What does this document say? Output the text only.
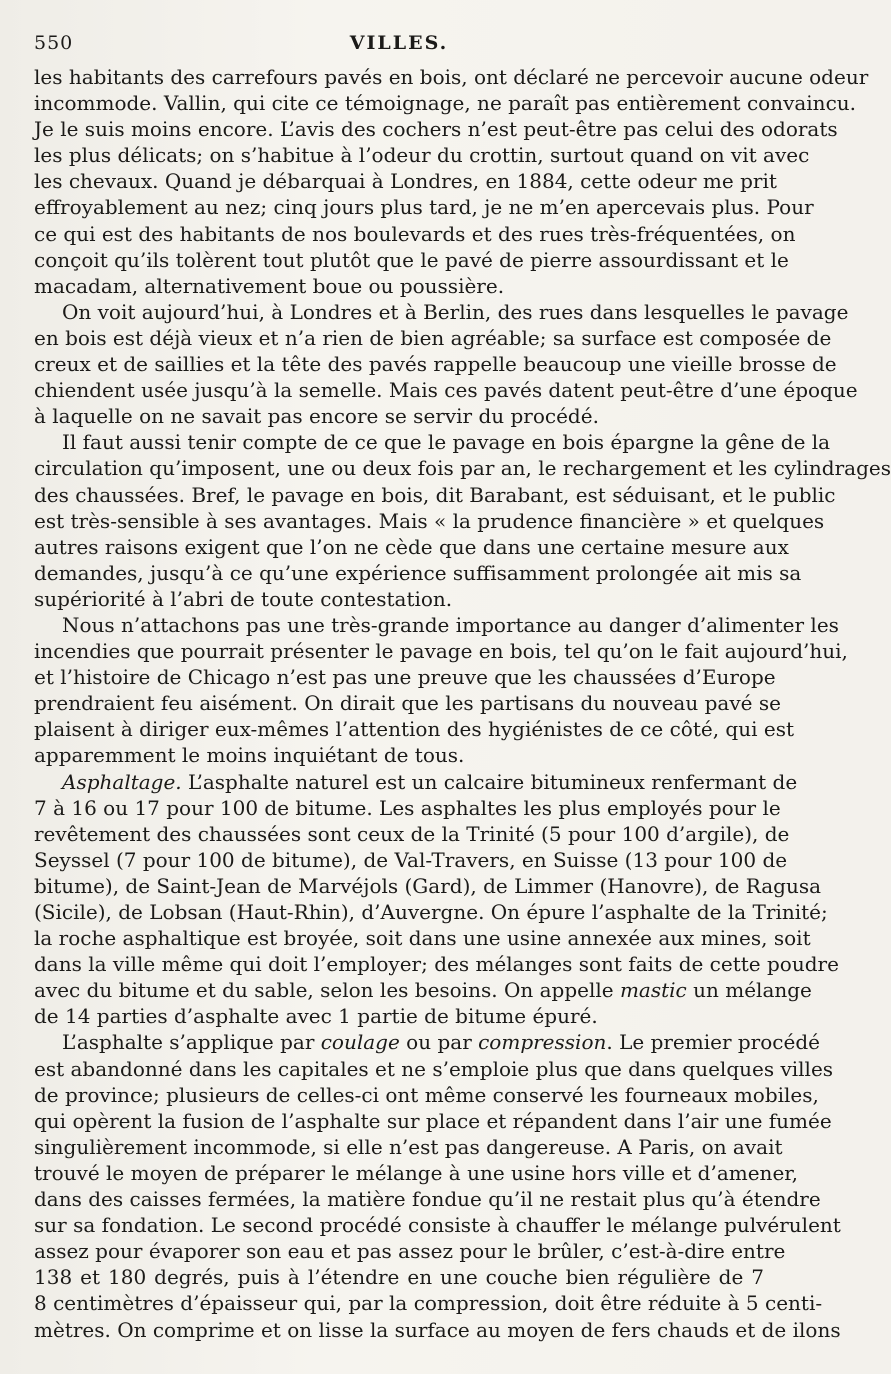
550	VILLES.
les habitants des carrefours pavés en bois, ont déclaré ne percevoir aucune odeur
incommode. Vallin, qui cite ce témoignage, ne paraît pas entièrement convaincu.
Je le suis moins encore. L’avis des cochers n’est peut-être pas celui des odorats
les plus délicats; on s’habitue à l’odeur du crottin, surtout quand on vit avec
les chevaux. Quand je débarquai à Londres, en 1884, cette odeur me prit
effroyablement au nez; cinq jours plus tard, je ne m’en apercevais plus. Pour
ce qui est des habitants de nos boulevards et des rues très-fréquentées, on
conçoit qu’ils tolèrent tout plutôt que le pavé de pierre assourdissant et le
macadam, alternativement boue ou poussière.
On voit aujourd’hui, à Londres et à Berlin, des rues dans lesquelles le pavage
en bois est déjà vieux et n’a rien de bien agréable; sa surface est composée de
creux et de saillies et la tête des pavés rappelle beaucoup une vieille brosse de
chiendent usée jusqu’à la semelle. Mais ces pavés datent peut-être d’une époque
à laquelle on ne savait pas encore se servir du procédé.
Il faut aussi tenir compte de ce que le pavage en bois épargne la gêne de la
circulation qu’imposent, une ou deux fois par an, le rechargement et les cylindrages
des chaussées. Bref, le pavage en bois, dit Barabant, est séduisant, et le public
est très-sensible à ses avantages. Mais « la prudence financière » et quelques
autres raisons exigent que l’on ne cède que dans une certaine mesure aux
demandes, jusqu’à ce qu’une expérience suffisamment prolongée ait mis sa
supériorité à l’abri de toute contestation.
Nous n’attachons pas une très-grande importance au danger d’alimenter les
incendies que pourrait présenter le pavage en bois, tel qu’on le fait aujourd’hui,
et l’histoire de Chicago n’est pas une preuve que les chaussées d’Europe
prendraient feu aisément. On dirait que les partisans du nouveau pavé se
plaisent à diriger eux-mêmes l’attention des hygiénistes de ce côté, qui est
apparemment le moins inquiétant de tous.
Asphaltage. L’asphalte naturel est un calcaire bitumineux renfermant de
7 à 16 ou 17 pour 100 de bitume. Les asphaltes les plus employés pour le
revêtement des chaussées sont ceux de la Trinité (5 pour 100 d’argile), de
Seyssel (7 pour 100 de bitume), de Val-Travers, en Suisse (13 pour 100 de
bitume), de Saint-Jean de Marvéjols (Gard), de Limmer (Hanovre), de Ragusa
(Sicile), de Lobsan (Haut-Rhin), d’Auvergne. On épure l’asphalte de la Trinité;
la roche asphaltique est broyée, soit dans une usine annexée aux mines, soit
dans la ville même qui doit l’employer; des mélanges sont faits de cette poudre
avec du bitume et du sable, selon les besoins. On appelle mastic un mélange
de 14 parties d’asphalte avec 1 partie de bitume épuré.
L’asphalte s’applique par coulage ou par compression. Le premier procédé
est abandonné dans les capitales et ne s’emploie plus que dans quelques villes
de province; plusieurs de celles-ci ont même conservé les fourneaux mobiles,
qui opèrent la fusion de l’asphalte sur place et répandent dans l’air une fumée
singulièrement incommode, si elle n’est pas dangereuse. A Paris, on avait
trouvé le moyen de préparer le mélange à une usine hors ville et d’amener,
dans des caisses fermées, la matière fondue qu’il ne restait plus qu’à étendre
sur sa fondation. Le second procédé consiste à chauffer le mélange pulvérulent
assez pour évaporer son eau et pas assez pour le brûler, c’est-à-dire entre
138 et 180 degrés, puis à l’étendre en une couche bien régulière de 7
8 centimètres d’épaisseur qui, par la compression, doit être réduite à 5 centi-
mètres. On comprime et on lisse la surface au moyen de fers chauds et de ilons
